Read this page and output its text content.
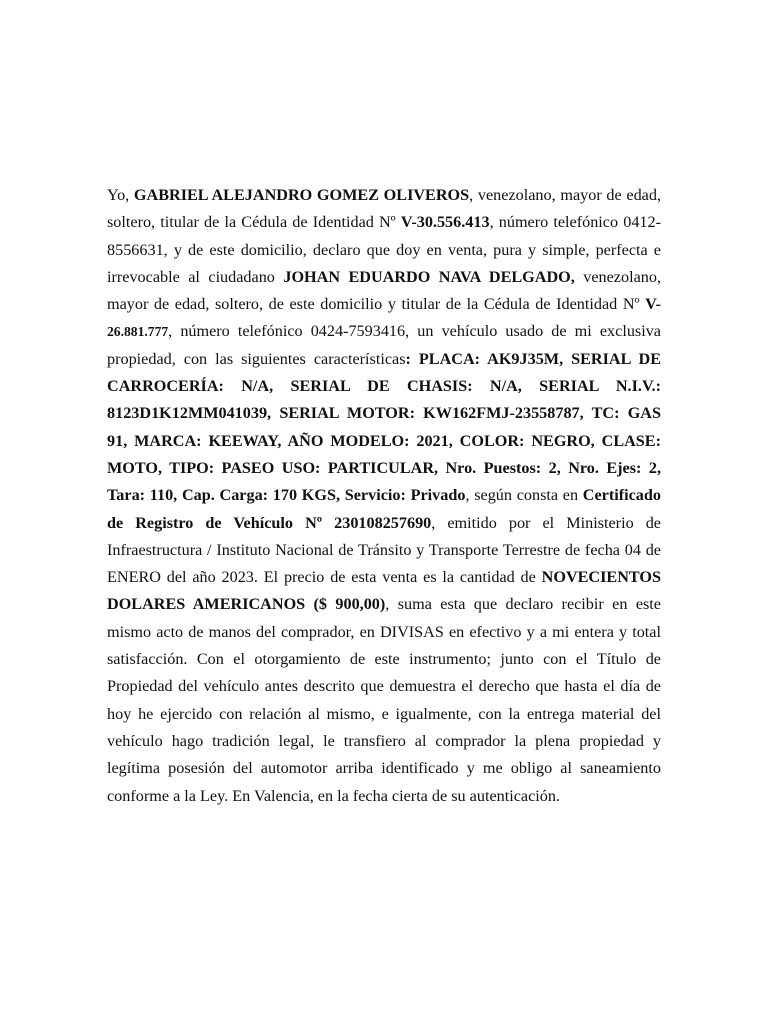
Yo, GABRIEL ALEJANDRO GOMEZ OLIVEROS, venezolano, mayor de edad, soltero, titular de la Cédula de Identidad Nº V-30.556.413, número telefónico 0412-8556631, y de este domicilio, declaro que doy en venta, pura y simple, perfecta e irrevocable al ciudadano JOHAN EDUARDO NAVA DELGADO, venezolano, mayor de edad, soltero, de este domicilio y titular de la Cédula de Identidad Nº V-26.881.777, número telefónico 0424-7593416, un vehículo usado de mi exclusiva propiedad, con las siguientes características: PLACA: AK9J35M, SERIAL DE CARROCERÍA: N/A, SERIAL DE CHASIS: N/A, SERIAL N.I.V.: 8123D1K12MM041039, SERIAL MOTOR: KW162FMJ-23558787, TC: GAS 91, MARCA: KEEWAY, AÑO MODELO: 2021, COLOR: NEGRO, CLASE: MOTO, TIPO: PASEO USO: PARTICULAR, Nro. Puestos: 2, Nro. Ejes: 2, Tara: 110, Cap. Carga: 170 KGS, Servicio: Privado, según consta en Certificado de Registro de Vehículo Nº 230108257690, emitido por el Ministerio de Infraestructura / Instituto Nacional de Tránsito y Transporte Terrestre de fecha 04 de ENERO del año 2023. El precio de esta venta es la cantidad de NOVECIENTOS DOLARES AMERICANOS ($ 900,00), suma esta que declaro recibir en este mismo acto de manos del comprador, en DIVISAS en efectivo y a mi entera y total satisfacción. Con el otorgamiento de este instrumento; junto con el Título de Propiedad del vehículo antes descrito que demuestra el derecho que hasta el día de hoy he ejercido con relación al mismo, e igualmente, con la entrega material del vehículo hago tradición legal, le transfiero al comprador la plena propiedad y legítima posesión del automotor arriba identificado y me obligo al saneamiento conforme a la Ley. En Valencia, en la fecha cierta de su autenticación.
